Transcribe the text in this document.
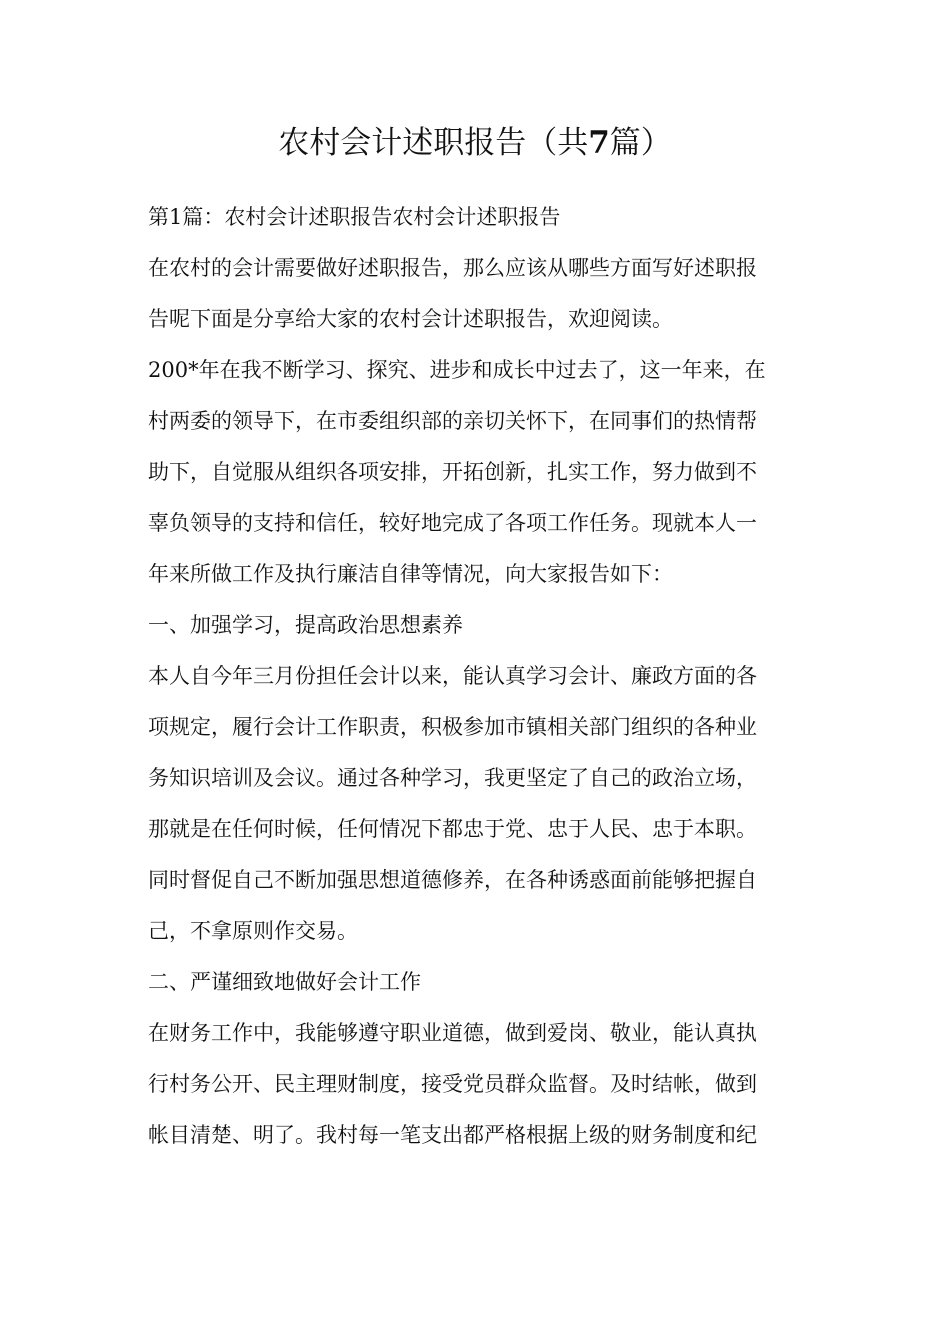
农村会计述职报告（共7篇）
第1篇：农村会计述职报告农村会计述职报告
在农村的会计需要做好述职报告，那么应该从哪些方面写好述职报
告呢下面是分享给大家的农村会计述职报告，欢迎阅读。
200*年在我不断学习、探究、进步和成长中过去了，这一年来，在
村两委的领导下，在市委组织部的亲切关怀下，在同事们的热情帮
助下，自觉服从组织各项安排，开拓创新，扎实工作，努力做到不
辜负领导的支持和信任，较好地完成了各项工作任务。现就本人一
年来所做工作及执行廉洁自律等情况，向大家报告如下：
一、加强学习，提高政治思想素养
本人自今年三月份担任会计以来，能认真学习会计、廉政方面的各
项规定，履行会计工作职责，积极参加市镇相关部门组织的各种业
务知识培训及会议。通过各种学习，我更坚定了自己的政治立场，
那就是在任何时候，任何情况下都忠于党、忠于人民、忠于本职。
同时督促自己不断加强思想道德修养，在各种诱惑面前能够把握自
己，不拿原则作交易。
二、严谨细致地做好会计工作
在财务工作中，我能够遵守职业道德，做到爱岗、敬业，能认真执
行村务公开、民主理财制度，接受党员群众监督。及时结帐，做到
帐目清楚、明了。我村每一笔支出都严格根据上级的财务制度和纪
